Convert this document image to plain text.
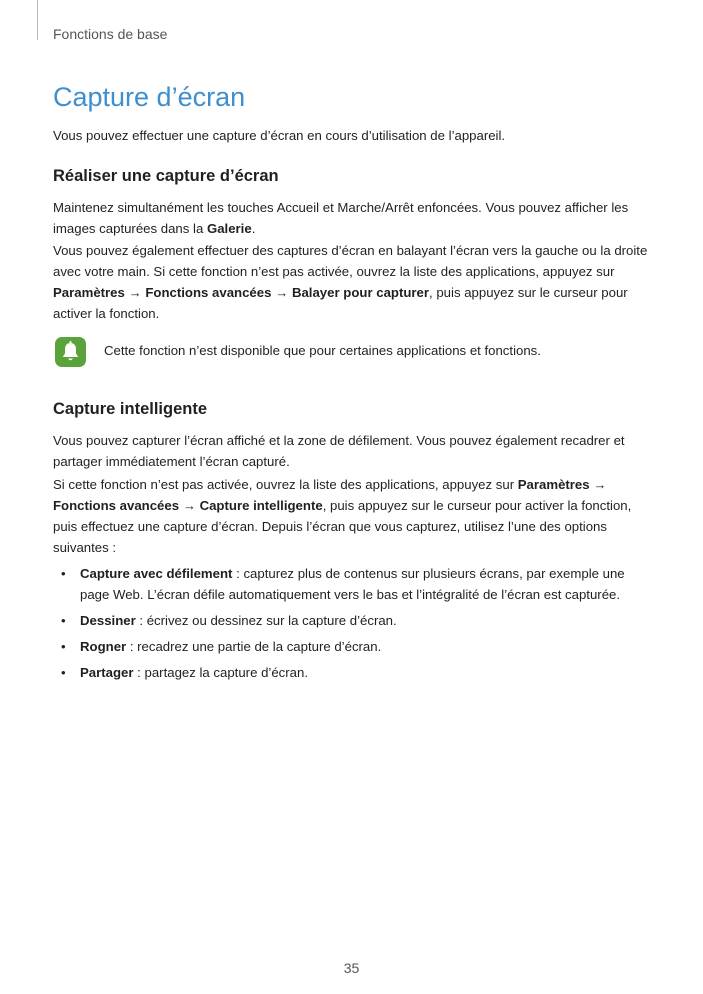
Fonctions de base
Capture d’écran

Vous pouvez effectuer une capture d’écran en cours d’utilisation de l’appareil.

Réaliser une capture d’écran

Maintenez simultanément les touches Accueil et Marche/Arrêt enfoncées. Vous pouvez afficher les images capturées dans la Galerie.

Vous pouvez également effectuer des captures d’écran en balayant l’écran vers la gauche ou la droite avec votre main. Si cette fonction n’est pas activée, ouvrez la liste des applications, appuyez sur Paramètres → Fonctions avancées → Balayer pour capturer, puis appuyez sur le curseur pour activer la fonction.

Cette fonction n’est disponible que pour certaines applications et fonctions.
Capture intelligente

Vous pouvez capturer l’écran affiché et la zone de défilement. Vous pouvez également recadrer et partager immédiatement l’écran capturé.

Si cette fonction n’est pas activée, ouvrez la liste des applications, appuyez sur Paramètres → Fonctions avancées → Capture intelligente, puis appuyez sur le curseur pour activer la fonction, puis effectuez une capture d’écran. Depuis l’écran que vous capturez, utilisez l’une des options suivantes :

• Capture avec défilement : capturez plus de contenus sur plusieurs écrans, par exemple une page Web. L’écran défile automatiquement vers le bas et l’intégralité de l’écran est capturée.
• Dessiner : écrivez ou dessinez sur la capture d’écran.
• Rogner : recadrez une partie de la capture d’écran.
• Partager : partagez la capture d’écran.
35
